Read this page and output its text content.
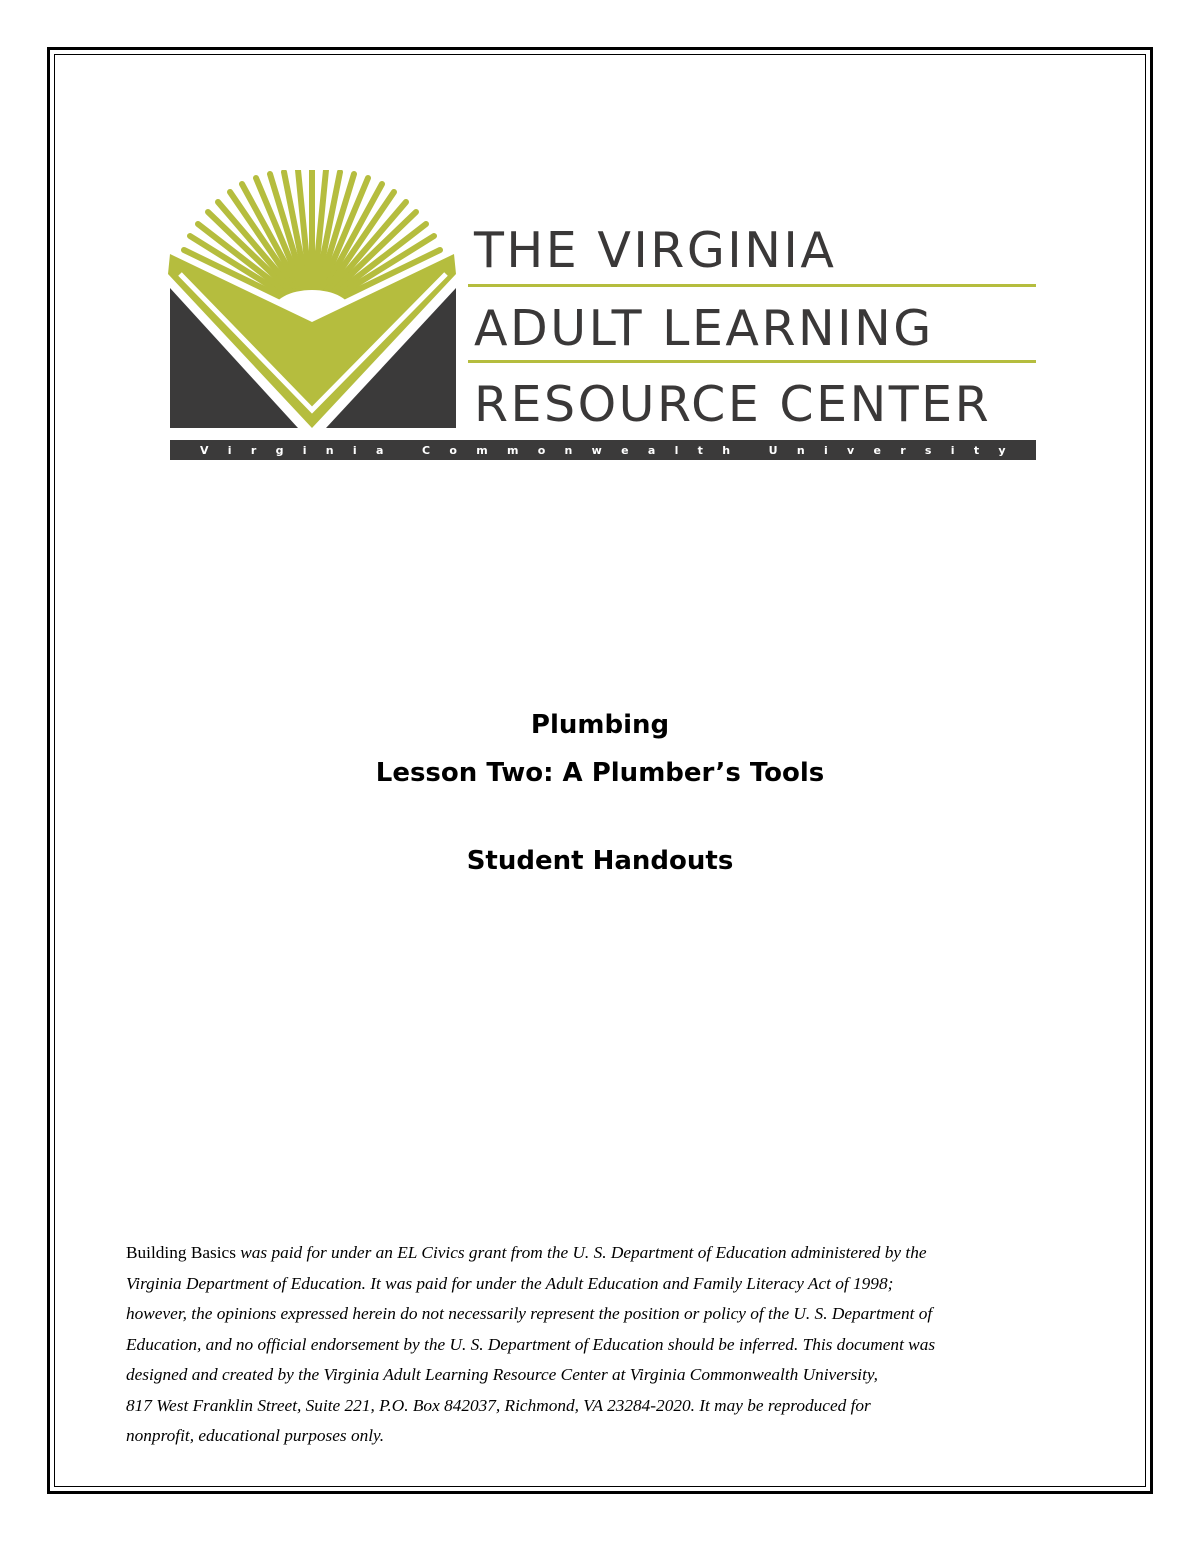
THE VIRGINIA
ADULT LEARNING
RESOURCE CENTER
V i r g i n i a	C o m m o n w e a l t h	U n i v e r s i t y
Plumbing
Lesson Two: A Plumber’s Tools
Student Handouts
Building Basics was paid for under an EL Civics grant from the U. S. Department of Education administered by the
Virginia Department of Education. It was paid for under the Adult Education and Family Literacy Act of 1998;
however, the opinions expressed herein do not necessarily represent the position or policy of the U. S. Department of
Education, and no official endorsement by the U. S. Department of Education should be inferred. This document was
designed and created by the Virginia Adult Learning Resource Center at Virginia Commonwealth University,
817 West Franklin Street, Suite 221, P.O. Box 842037, Richmond, VA 23284-2020. It may be reproduced for
nonprofit, educational purposes only.
